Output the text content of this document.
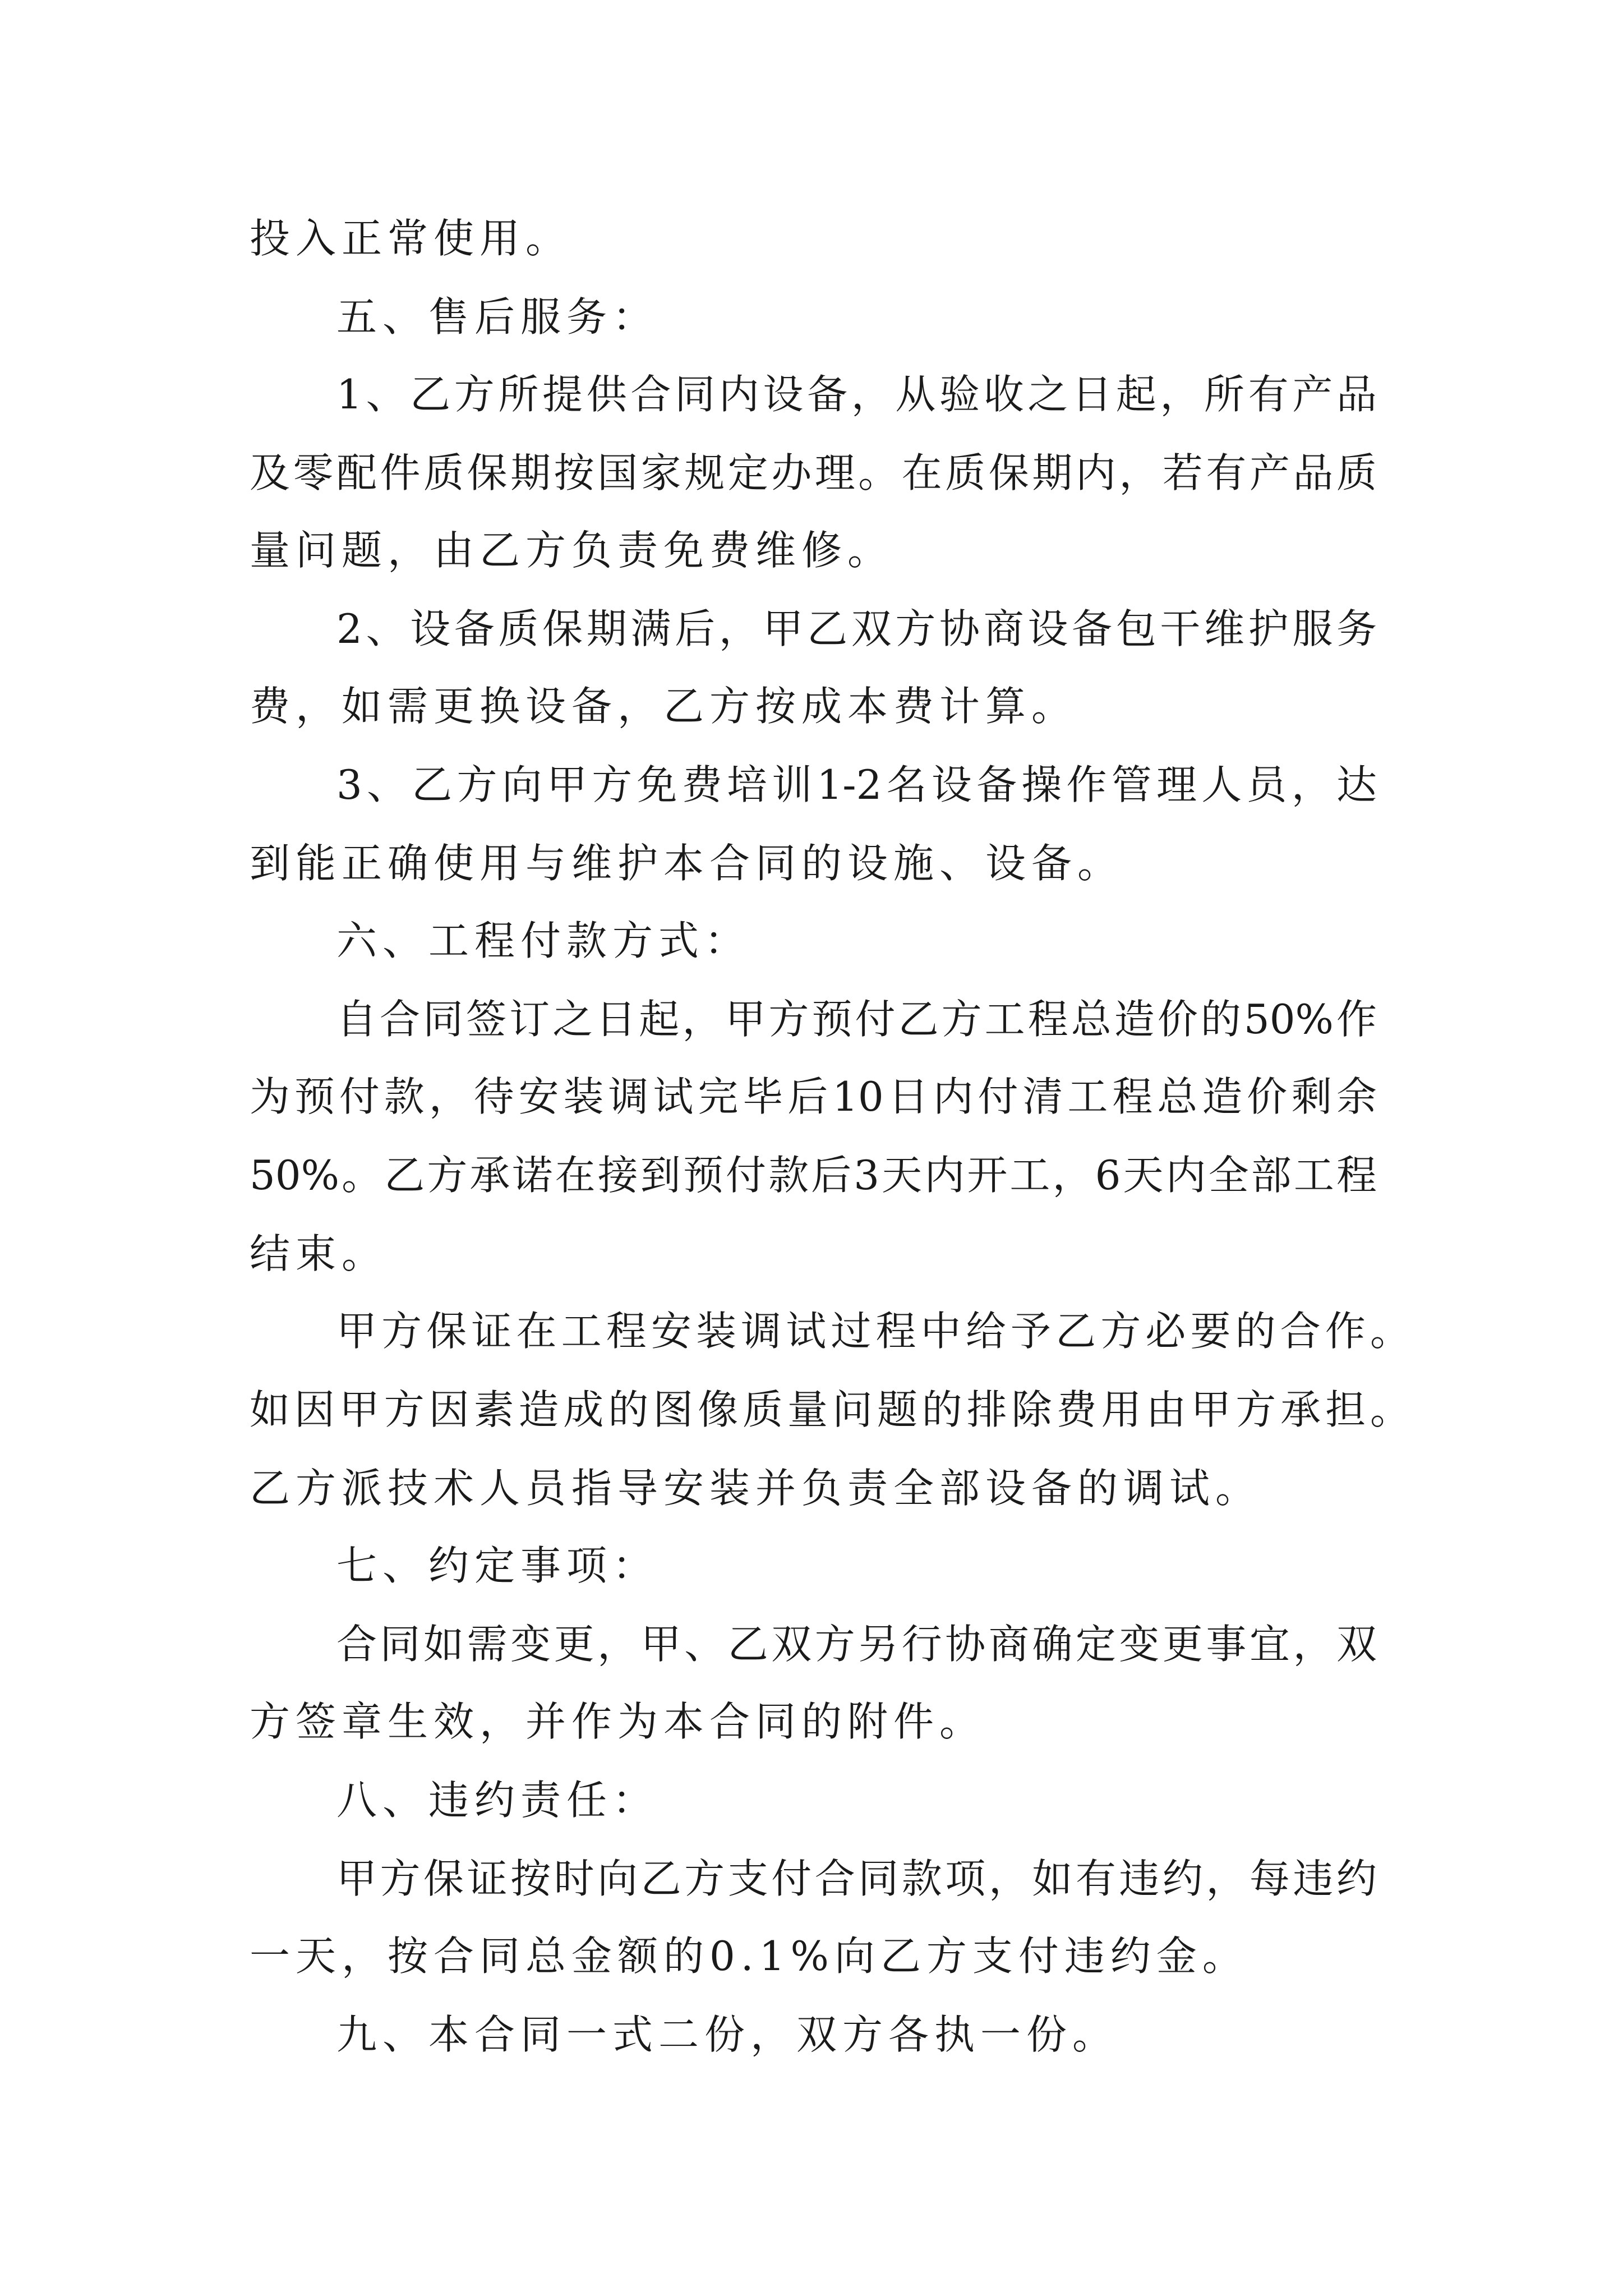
投入正常使用。
五、售后服务：
1、乙方所提供合同内设备，从验收之日起，所有产品
及零配件质保期按国家规定办理。在质保期内，若有产品质
量问题，由乙方负责免费维修。
2、设备质保期满后，甲乙双方协商设备包干维护服务
费，如需更换设备，乙方按成本费计算。
3、乙方向甲方免费培训1-2名设备操作管理人员，达
到能正确使用与维护本合同的设施、设备。
六、工程付款方式：
自合同签订之日起，甲方预付乙方工程总造价的50%作
为预付款，待安装调试完毕后10日内付清工程总造价剩余
50%。乙方承诺在接到预付款后3天内开工，6天内全部工程
结束。
甲方保证在工程安装调试过程中给予乙方必要的合作。
如因甲方因素造成的图像质量问题的排除费用由甲方承担。
乙方派技术人员指导安装并负责全部设备的调试。
七、约定事项：
合同如需变更，甲、乙双方另行协商确定变更事宜，双
方签章生效，并作为本合同的附件。
八、违约责任：
甲方保证按时向乙方支付合同款项，如有违约，每违约
一天，按合同总金额的0.1%向乙方支付违约金。
九、本合同一式二份，双方各执一份。
